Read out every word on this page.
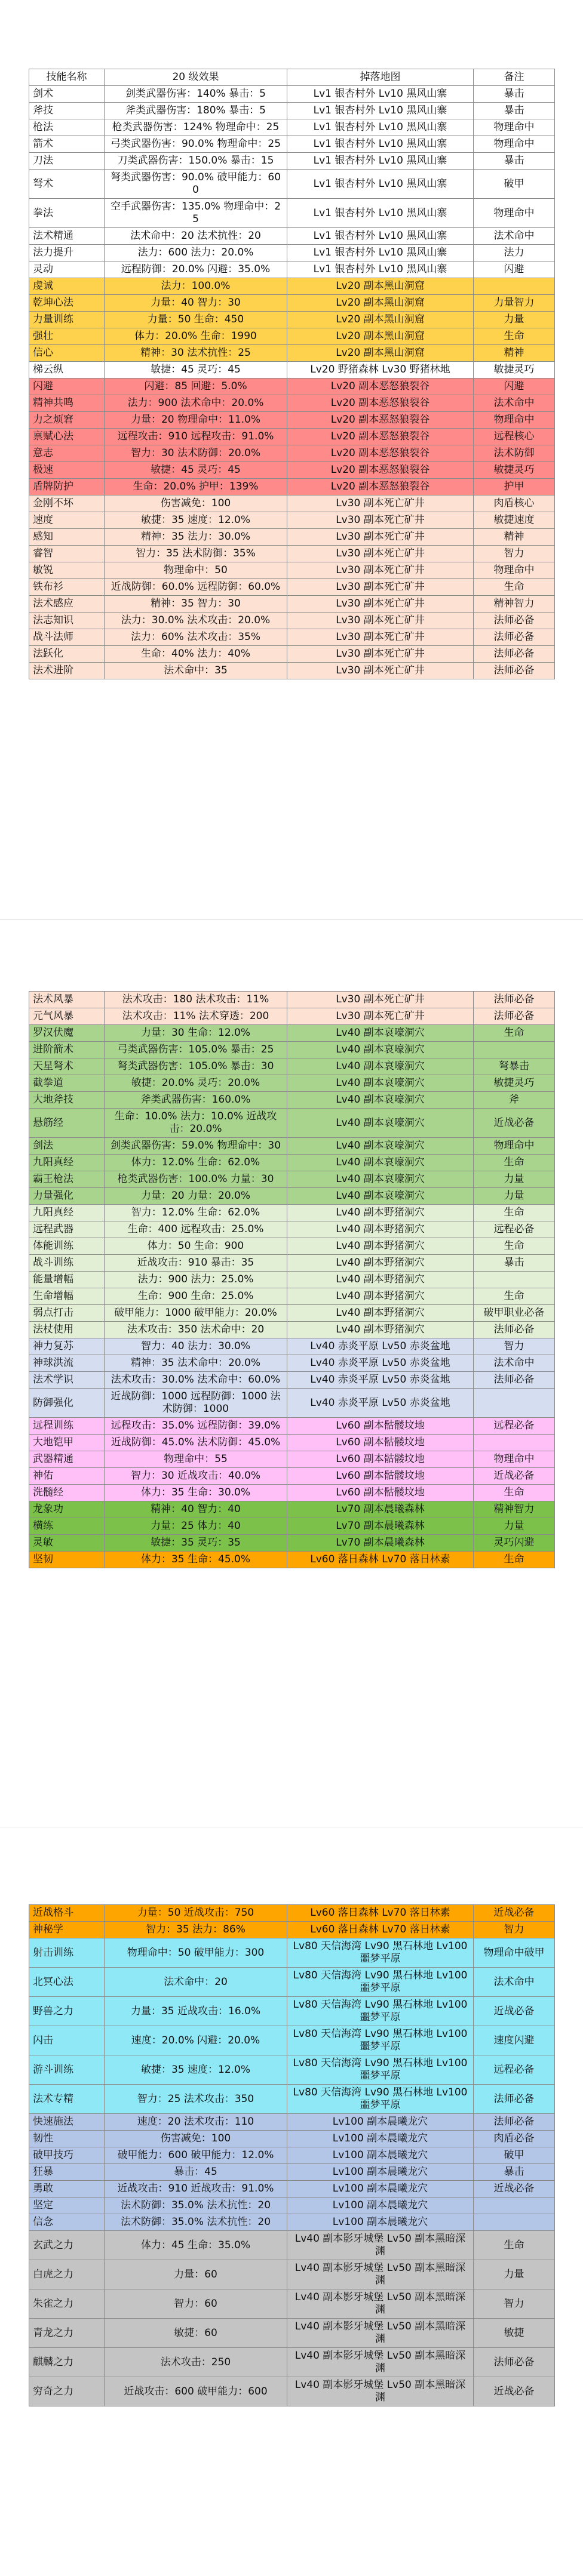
技能名称	20 级效果	掉落地图	备注
剑术	剑类武器伤害：140% 暴击：5	Lv1 银杏村外 Lv10 黑风山寨	暴击
斧技	斧类武器伤害：180% 暴击：5	Lv1 银杏村外 Lv10 黑风山寨	暴击
枪法	枪类武器伤害：124% 物理命中：25	Lv1 银杏村外 Lv10 黑风山寨	物理命中
箭术	弓类武器伤害：90.0% 物理命中：25	Lv1 银杏村外 Lv10 黑风山寨	物理命中
刀法	刀类武器伤害：150.0% 暴击：15	Lv1 银杏村外 Lv10 黑风山寨	暴击
弩术	弩类武器伤害：90.0% 破甲能力：600	Lv1 银杏村外 Lv10 黑风山寨	破甲
拳法	空手武器伤害：135.0% 物理命中：25	Lv1 银杏村外 Lv10 黑风山寨	物理命中
法术精通	法术命中：20 法术抗性：20	Lv1 银杏村外 Lv10 黑风山寨	法术命中
法力提升	法力：600 法力：20.0%	Lv1 银杏村外 Lv10 黑风山寨	法力
灵动	远程防御：20.0% 闪避：35.0%	Lv1 银杏村外 Lv10 黑风山寨	闪避
虔诚	法力：100.0%	Lv20 副本黑山洞窟	
乾坤心法	力量：40 智力：30	Lv20 副本黑山洞窟	力量智力
力量训练	力量：50 生命：450	Lv20 副本黑山洞窟	力量
强壮	体力：20.0% 生命：1990	Lv20 副本黑山洞窟	生命
信心	精神：30 法术抗性：25	Lv20 副本黑山洞窟	精神
梯云纵	敏捷：45 灵巧：45	Lv20 野猪森林 Lv30 野猪林地	敏捷灵巧
闪避	闪避：85 回避：5.0%	Lv20 副本恶怒狼裂谷	闪避
精神共鸣	法力：900 法术命中：20.0%	Lv20 副本恶怒狼裂谷	法术命中
力之烦窘	力量：20 物理命中：11.0%	Lv20 副本恶怒狼裂谷	物理命中
禀赋心法	远程攻击：910 远程攻击：91.0%	Lv20 副本恶怒狼裂谷	远程核心
意志	智力：30 法术防御：20.0%	Lv20 副本恶怒狼裂谷	法术防御
极速	敏捷：45 灵巧：45	Lv20 副本恶怒狼裂谷	敏捷灵巧
盾牌防护	生命：20.0% 护甲：139%	Lv20 副本恶怒狼裂谷	护甲
金刚不坏	伤害减免：100	Lv30 副本死亡矿井	肉盾核心
速度	敏捷：35 速度：12.0%	Lv30 副本死亡矿井	敏捷速度
感知	精神：35 法力：30.0%	Lv30 副本死亡矿井	精神
睿智	智力：35 法术防御：35%	Lv30 副本死亡矿井	智力
敏锐	物理命中：50	Lv30 副本死亡矿井	物理命中
铁布衫	近战防御：60.0% 远程防御：60.0%	Lv30 副本死亡矿井	生命
法术感应	精神：35 智力：30	Lv30 副本死亡矿井	精神智力
法志知识	法力：30.0% 法术攻击：20.0%	Lv30 副本死亡矿井	法师必备
战斗法师	法力：60% 法术攻击：35%	Lv30 副本死亡矿井	法师必备
法跃化	生命：40% 法力：40%	Lv30 副本死亡矿井	法师必备
法术进阶	法术命中：35	Lv30 副本死亡矿井	法师必备
法术风暴	法术攻击：180 法术攻击：11%	Lv30 副本死亡矿井	法师必备
元气风暴	法术攻击：11% 法术穿透：200	Lv30 副本死亡矿井	法师必备
罗汉伏魔	力量：30 生命：12.0%	Lv40 副本哀嚎洞穴	生命
进阶箭术	弓类武器伤害：105.0% 暴击：25	Lv40 副本哀嚎洞穴	
天星弩术	弩类武器伤害：105.0% 暴击：30	Lv40 副本哀嚎洞穴	弩暴击
截拳道	敏捷：20.0% 灵巧：20.0%	Lv40 副本哀嚎洞穴	敏捷灵巧
大地斧技	斧类武器伤害：160.0%	Lv40 副本哀嚎洞穴	斧
悬筋经	生命：10.0% 法力：10.0% 近战攻击：20.0%	Lv40 副本哀嚎洞穴	近战必备
剑法	剑类武器伤害：59.0% 物理命中：30	Lv40 副本哀嚎洞穴	物理命中
九阳真经	体力：12.0% 生命：62.0%	Lv40 副本哀嚎洞穴	生命
霸王枪法	枪类武器伤害：100.0% 力量：30	Lv40 副本哀嚎洞穴	力量
力量强化	力量：20 力量：20.0%	Lv40 副本哀嚎洞穴	力量
九阳真经	智力：12.0% 生命：62.0%	Lv40 副本野猪洞穴	生命
远程武器	生命：400 远程攻击：25.0%	Lv40 副本野猪洞穴	远程必备
体能训练	体力：50 生命：900	Lv40 副本野猪洞穴	生命
战斗训练	近战攻击：910 暴击：35	Lv40 副本野猪洞穴	暴击
能量增幅	法力：900 法力：25.0%	Lv40 副本野猪洞穴	
生命增幅	生命：900 生命：25.0%	Lv40 副本野猪洞穴	生命
弱点打击	破甲能力：1000 破甲能力：20.0%	Lv40 副本野猪洞穴	破甲职业必备
法杖使用	法术攻击：350 法术命中：20	Lv40 副本野猪洞穴	法师必备
神力复苏	智力：40 法力：30.0%	Lv40 赤炎平原 Lv50 赤炎盆地	智力
神球洪流	精神：35 法术命中：20.0%	Lv40 赤炎平原 Lv50 赤炎盆地	法术命中
法术学识	法术攻击：30.0% 法术命中：60.0%	Lv40 赤炎平原 Lv50 赤炎盆地	法师必备
防御强化	近战防御：1000 远程防御：1000 法术防御：1000	Lv40 赤炎平原 Lv50 赤炎盆地	
远程训练	远程攻击：35.0% 远程防御：39.0%	Lv60 副本骷髅坟地	远程必备
大地铠甲	近战防御：45.0% 法术防御：45.0%	Lv60 副本骷髅坟地	
武器精通	物理命中：55	Lv60 副本骷髅坟地	物理命中
神佑	智力：30 近战攻击：40.0%	Lv60 副本骷髅坟地	近战必备
洗髓经	体力：35 生命：30.0%	Lv60 副本骷髅坟地	生命
龙象功	精神：40 智力：40	Lv70 副本晨曦森林	精神智力
横练	力量：25 体力：40	Lv70 副本晨曦森林	力量
灵敏	敏捷：35 灵巧：35	Lv70 副本晨曦森林	灵巧闪避
坚韧	体力：35 生命：45.0%	Lv60 落日森林 Lv70 落日林素	生命
近战格斗	力量：50 近战攻击：750	Lv60 落日森林 Lv70 落日林素	近战必备
神秘学	智力：35 法力：86%	Lv60 落日森林 Lv70 落日林素	智力
射击训练	物理命中：50 破甲能力：300	Lv80 天信海湾 Lv90 黑石林地 Lv100 噩梦平原	物理命中破甲
北冥心法	法术命中：20	Lv80 天信海湾 Lv90 黑石林地 Lv100 噩梦平原	法术命中
野兽之力	力量：35 近战攻击：16.0%	Lv80 天信海湾 Lv90 黑石林地 Lv100 噩梦平原	近战必备
闪击	速度：20.0% 闪避：20.0%	Lv80 天信海湾 Lv90 黑石林地 Lv100 噩梦平原	速度闪避
游斗训练	敏捷：35 速度：12.0%	Lv80 天信海湾 Lv90 黑石林地 Lv100 噩梦平原	远程必备
法术专精	智力：25 法术攻击：350	Lv80 天信海湾 Lv90 黑石林地 Lv100 噩梦平原	法师必备
快速施法	速度：20 法术攻击：110	Lv100 副本晨曦龙穴	法师必备
韧性	伤害减免：100	Lv100 副本晨曦龙穴	肉盾必备
破甲技巧	破甲能力：600 破甲能力：12.0%	Lv100 副本晨曦龙穴	破甲
狂暴	暴击：45	Lv100 副本晨曦龙穴	暴击
勇敢	近战攻击：910 近战攻击：91.0%	Lv100 副本晨曦龙穴	近战必备
坚定	法术防御：35.0% 法术抗性：20	Lv100 副本晨曦龙穴	
信念	法术防御：35.0% 法术抗性：20	Lv100 副本晨曦龙穴	
玄武之力	体力：45 生命：35.0%	Lv40 副本影牙城堡 Lv50 副本黑暗深渊	生命
白虎之力	力量：60	Lv40 副本影牙城堡 Lv50 副本黑暗深渊	力量
朱雀之力	智力：60	Lv40 副本影牙城堡 Lv50 副本黑暗深渊	智力
青龙之力	敏捷：60	Lv40 副本影牙城堡 Lv50 副本黑暗深渊	敏捷
麒麟之力	法术攻击：250	Lv40 副本影牙城堡 Lv50 副本黑暗深渊	法师必备
穷奇之力	近战攻击：600 破甲能力：600	Lv40 副本影牙城堡 Lv50 副本黑暗深渊	近战必备
